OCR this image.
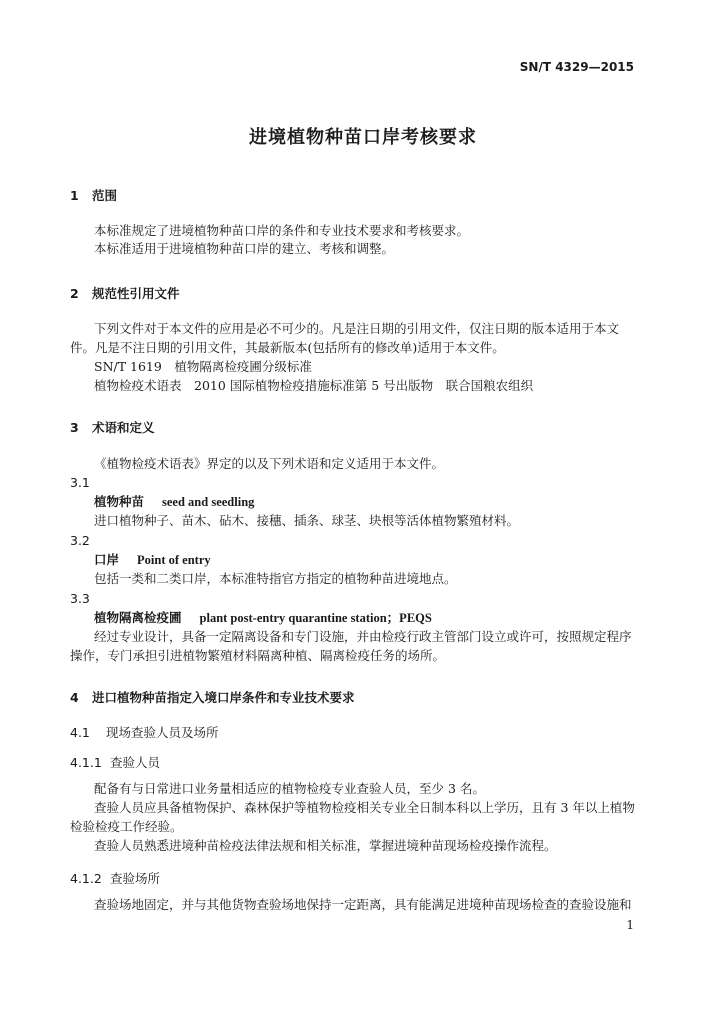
SN/T 4329—2015
进境植物种苗口岸考核要求
1 范围
本标准规定了进境植物种苗口岸的条件和专业技术要求和考核要求。
本标准适用于进境植物种苗口岸的建立、考核和调整。
2 规范性引用文件
下列文件对于本文件的应用是必不可少的。凡是注日期的引用文件，仅注日期的版本适用于本文
件。凡是不注日期的引用文件，其最新版本(包括所有的修改单)适用于本文件。
SN/T 1619　植物隔离检疫圃分级标准
植物检疫术语表　2010 国际植物检疫措施标准第 5 号出版物　联合国粮农组织
3 术语和定义
《植物检疫术语表》界定的以及下列术语和定义适用于本文件。
3.1
植物种苗 seed and seedling
进口植物种子、苗木、砧木、接穗、插条、球茎、块根等活体植物繁殖材料。
3.2
口岸 Point of entry
包括一类和二类口岸，本标准特指官方指定的植物种苗进境地点。
3.3
植物隔离检疫圃 plant post-entry quarantine station；PEQS
经过专业设计，具备一定隔离设备和专门设施，并由检疫行政主管部门设立或许可，按照规定程序
操作，专门承担引进植物繁殖材料隔离种植、隔离检疫任务的场所。
4 进口植物种苗指定入境口岸条件和专业技术要求
4.1 现场查验人员及场所
4.1.1 查验人员
配备有与日常进口业务量相适应的植物检疫专业查验人员，至少 3 名。
查验人员应具备植物保护、森林保护等植物检疫相关专业全日制本科以上学历，且有 3 年以上植物
检验检疫工作经验。
查验人员熟悉进境种苗检疫法律法规和相关标准，掌握进境种苗现场检疫操作流程。
4.1.2 查验场所
查验场地固定，并与其他货物查验场地保持一定距离，具有能满足进境种苗现场检查的查验设施和
1
